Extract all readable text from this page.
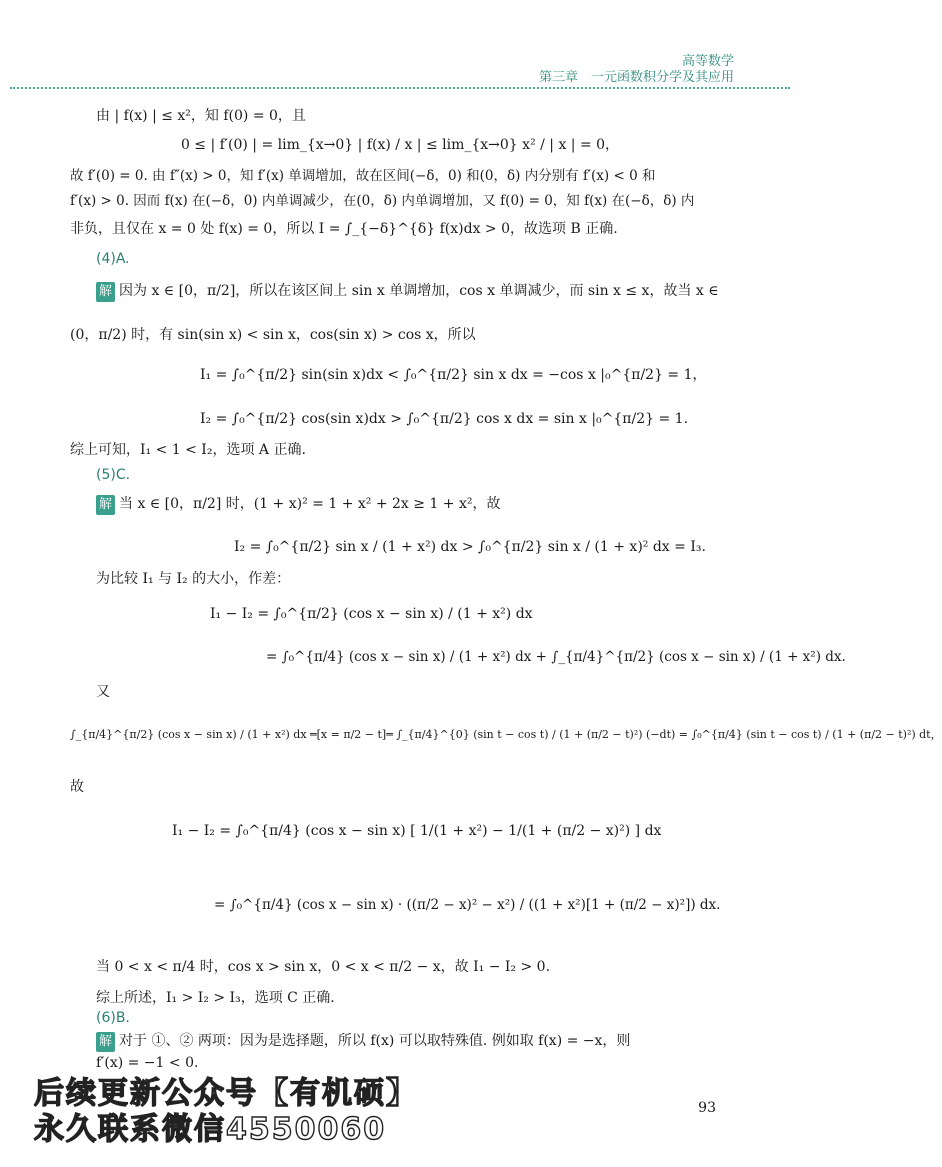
高等数学
第三章　一元函数积分学及其应用
由 | f(x) | ≤ x²，知 f(0) = 0，且
0 ≤ | f′(0) | = lim_{x→0} | f(x) / x | ≤ lim_{x→0} x² / | x | = 0，
故 f′(0) = 0. 由 f″(x) > 0，知 f′(x) 单调增加，故在区间(−δ，0) 和(0，δ) 内分别有 f′(x) < 0 和
f′(x) > 0. 因而 f(x) 在(−δ，0) 内单调减少，在(0，δ) 内单调增加，又 f(0) = 0，知 f(x) 在(−δ，δ) 内
非负，且仅在 x = 0 处 f(x) = 0，所以 I = ∫_{−δ}^{δ} f(x)dx > 0，故选项 B 正确.
(4)A.
解 因为 x ∈ [0，π/2]，所以在该区间上 sin x 单调增加，cos x 单调减少，而 sin x ≤ x，故当 x ∈
(0，π/2) 时，有 sin(sin x) < sin x，cos(sin x) > cos x，所以
I₁ = ∫₀^{π/2} sin(sin x)dx < ∫₀^{π/2} sin x dx = −cos x |₀^{π/2} = 1，
I₂ = ∫₀^{π/2} cos(sin x)dx > ∫₀^{π/2} cos x dx = sin x |₀^{π/2} = 1.
综上可知，I₁ < 1 < I₂，选项 A 正确.
(5)C.
解 当 x ∈ [0，π/2] 时，(1 + x)² = 1 + x² + 2x ≥ 1 + x²，故
I₂ = ∫₀^{π/2} sin x / (1 + x²) dx > ∫₀^{π/2} sin x / (1 + x)² dx = I₃.
为比较 I₁ 与 I₂ 的大小，作差：
I₁ − I₂ = ∫₀^{π/2} (cos x − sin x) / (1 + x²) dx
= ∫₀^{π/4} (cos x − sin x) / (1 + x²) dx + ∫_{π/4}^{π/2} (cos x − sin x) / (1 + x²) dx.
又
∫_{π/4}^{π/2} (cos x − sin x) / (1 + x²) dx ═[x = π/2 − t]═ ∫_{π/4}^{0} (sin t − cos t) / (1 + (π/2 − t)²) (−dt) = ∫₀^{π/4} (sin t − cos t) / (1 + (π/2 − t)²) dt，
故
I₁ − I₂ = ∫₀^{π/4} (cos x − sin x) [ 1/(1 + x²) − 1/(1 + (π/2 − x)²) ] dx
= ∫₀^{π/4} (cos x − sin x) · ((π/2 − x)² − x²) / ((1 + x²)[1 + (π/2 − x)²]) dx.
当 0 < x < π/4 时，cos x > sin x，0 < x < π/2 − x，故 I₁ − I₂ > 0.
综上所述，I₁ > I₂ > I₃，选项 C 正确.
(6)B.
解 对于 ①、② 两项：因为是选择题，所以 f(x) 可以取特殊值. 例如取 f(x) = −x，则
f′(x) = −1 < 0.
后续更新公众号【有机硕】
永久联系微信4550060
93
